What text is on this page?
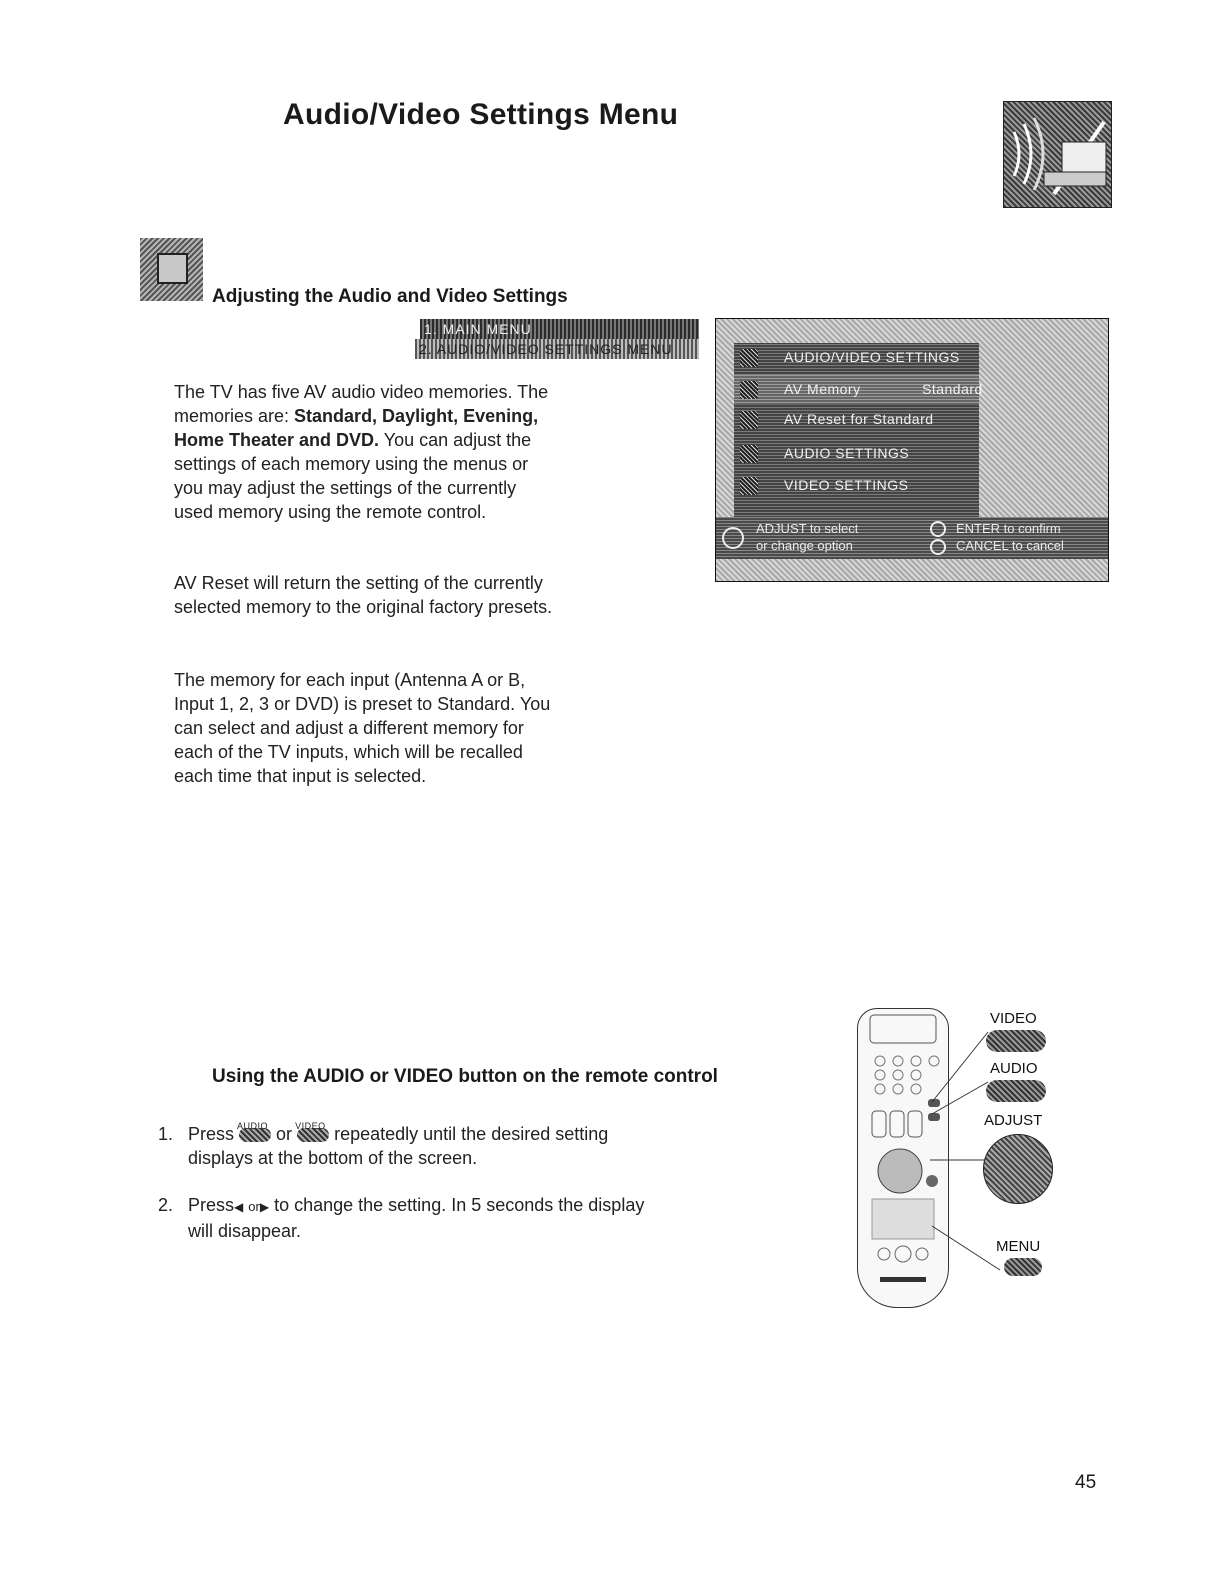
Audio/Video Settings Menu
Adjusting the Audio and Video Settings
1. MAIN MENU
2. AUDIO/VIDEO SETTINGS MENU
The TV has five AV audio video memories. The memories are: Standard, Daylight, Evening, Home Theater and DVD. You can adjust the settings of each memory using the menus or you may adjust the settings of the currently used memory using the remote control.
AV Reset will return the setting of the currently selected memory to the original factory presets.
The memory for each input (Antenna A or B, Input 1, 2, 3 or DVD) is preset to Standard. You can select and adjust a different memory for each of the TV inputs, which will be recalled each time that input is selected.
AUDIO/VIDEO SETTINGS
AV Memory	Standard
AV Reset for Standard
AUDIO SETTINGS
VIDEO SETTINGS
ADJUST to select
or change option
ENTER to confirm
CANCEL to cancel
Using the AUDIO or VIDEO button on the remote control
1. Press AUDIO or VIDEO repeatedly until the desired setting displays at the bottom of the screen.
2. Press◀ or▶ to change the setting. In 5 seconds the display will disappear.
VIDEO
AUDIO
ADJUST
MENU
45
